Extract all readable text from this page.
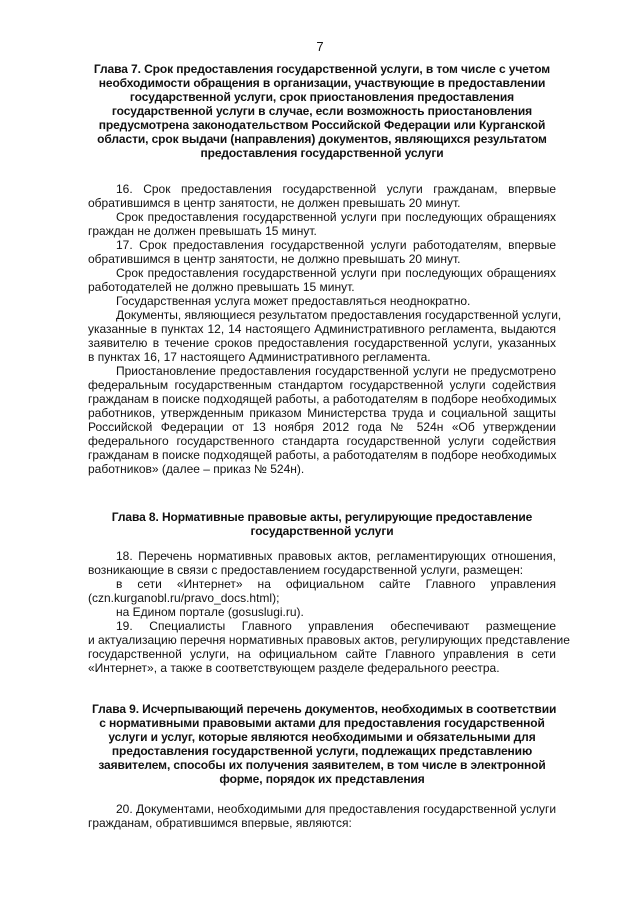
7
Глава 7. Срок предоставления государственной услуги, в том числе с учетом
необходимости обращения в организации, участвующие в предоставлении
государственной услуги, срок приостановления предоставления
государственной услуги в случае, если возможность приостановления
предусмотрена законодательством Российской Федерации или Курганской
области, срок выдачи (направления) документов, являющихся результатом
предоставления государственной услуги
16. Срок предоставления государственной услуги гражданам, впервые
обратившимся в центр занятости, не должен превышать 20 минут.
Срок предоставления государственной услуги при последующих обращениях
граждан не должен превышать 15 минут.
17. Срок предоставления государственной услуги работодателям, впервые
обратившимся в центр занятости, не должно превышать 20 минут.
Срок предоставления государственной услуги при последующих обращениях
работодателей не должно превышать 15 минут.
Государственная услуга может предоставляться неоднократно.
Документы, являющиеся результатом предоставления государственной услуги,
указанные в пунктах 12, 14 настоящего Административного регламента, выдаются
заявителю в течение сроков предоставления государственной услуги, указанных
в пунктах 16, 17 настоящего Административного регламента.
Приостановление предоставления государственной услуги не предусмотрено
федеральным государственным стандартом государственной услуги содействия
гражданам в поиске подходящей работы, а работодателям в подборе необходимых
работников, утвержденным приказом Министерства труда и социальной защиты
Российской Федерации от 13 ноября 2012 года № 524н «Об утверждении
федерального государственного стандарта государственной услуги содействия
гражданам в поиске подходящей работы, а работодателям в подборе необходимых
работников» (далее – приказ № 524н).
Глава 8. Нормативные правовые акты, регулирующие предоставление
государственной услуги
18. Перечень нормативных правовых актов, регламентирующих отношения,
возникающие в связи с предоставлением государственной услуги, размещен:
в сети «Интернет» на официальном сайте Главного управления
(czn.kurganobl.ru/pravo_docs.html);
на Едином портале (gosuslugi.ru).
19. Специалисты Главного управления обеспечивают размещение
и актуализацию перечня нормативных правовых актов, регулирующих представление
государственной услуги, на официальном сайте Главного управления в сети
«Интернет», а также в соответствующем разделе федерального реестра.
Глава 9. Исчерпывающий перечень документов, необходимых в соответствии
с нормативными правовыми актами для предоставления государственной
услуги и услуг, которые являются необходимыми и обязательными для
предоставления государственной услуги, подлежащих представлению
заявителем, способы их получения заявителем, в том числе в электронной
форме, порядок их представления
20. Документами, необходимыми для предоставления государственной услуги
гражданам, обратившимся впервые, являются:
